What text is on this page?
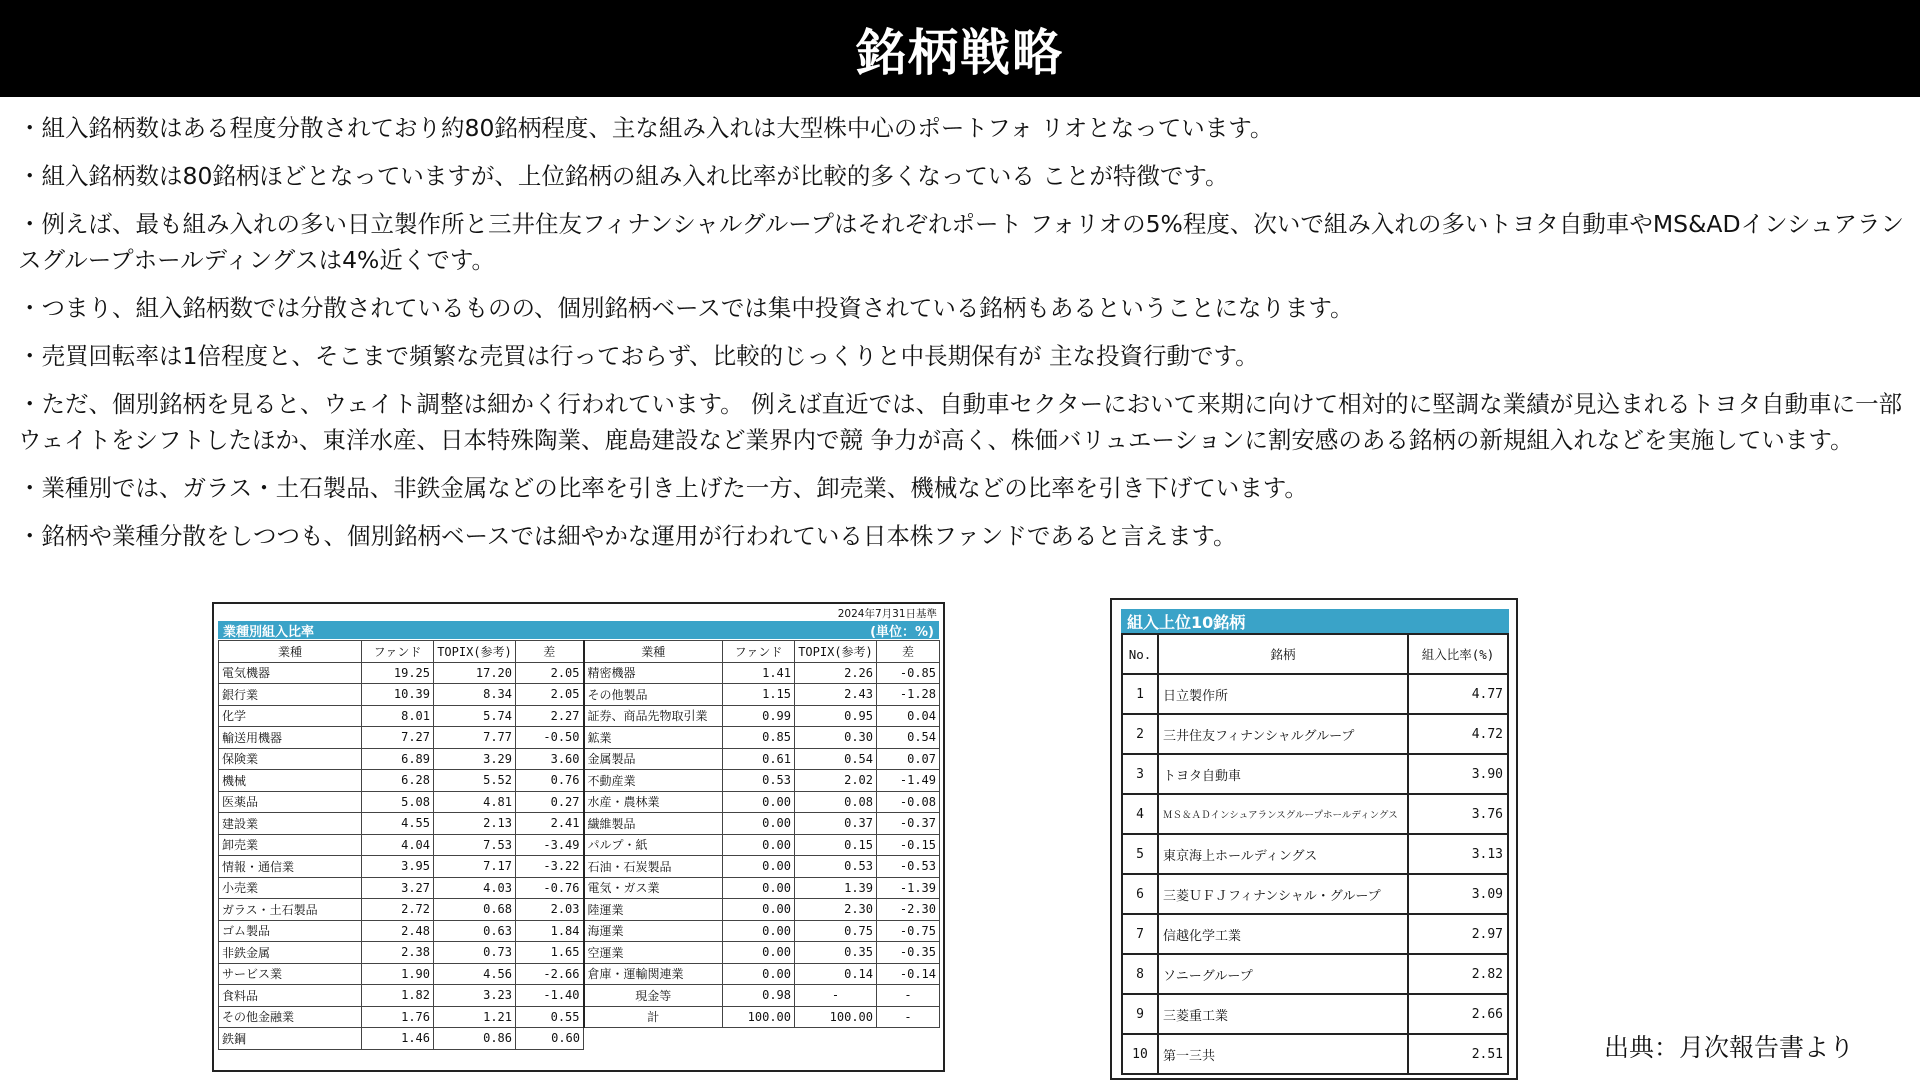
銘柄戦略

・組入銘柄数はある程度分散されており約80銘柄程度、主な組み入れは大型株中心のポートフォ リオとなっています。

・組入銘柄数は80銘柄ほどとなっていますが、上位銘柄の組み入れ比率が比較的多くなっている ことが特徴です。

・例えば、最も組み入れの多い日立製作所と三井住友フィナンシャルグループはそれぞれポート フォリオの5%程度、次いで組み入れの多いトヨタ自動車やMS&ADインシュアランスグループホールディングスは4%近くです。

・つまり、組入銘柄数では分散されているものの、個別銘柄ベースでは集中投資されている銘柄もあるということになります。

・売買回転率は1倍程度と、そこまで頻繁な売買は行っておらず、比較的じっくりと中長期保有が 主な投資行動です。

・ただ、個別銘柄を見ると、ウェイト調整は細かく行われています。 例えば直近では、自動車セクターにおいて来期に向けて相対的に堅調な業績が見込まれるトヨタ自動車に一部ウェイトをシフトしたほか、東洋水産、日本特殊陶業、鹿島建設など業界内で競 争力が高く、株価バリュエーションに割安感のある銘柄の新規組入れなどを実施しています。

・業種別では、ガラス・土石製品、非鉄金属などの比率を引き上げた一方、卸売業、機械などの比率を引き下げています。

・銘柄や業種分散をしつつも、個別銘柄ベースでは細やかな運用が行われている日本株ファンドであると言えます。

2024年7月31日基準
業種別組入比率	(単位：%)
業種	ファンド	TOPIX(参考)	差	業種	ファンド	TOPIX(参考)	差
電気機器	19.25	17.20	2.05	精密機器	1.41	2.26	-0.85
銀行業	10.39	8.34	2.05	その他製品	1.15	2.43	-1.28
化学	8.01	5.74	2.27	証券、商品先物取引業	0.99	0.95	0.04
輸送用機器	7.27	7.77	-0.50	鉱業	0.85	0.30	0.54
保険業	6.89	3.29	3.60	金属製品	0.61	0.54	0.07
機械	6.28	5.52	0.76	不動産業	0.53	2.02	-1.49
医薬品	5.08	4.81	0.27	水産・農林業	0.00	0.08	-0.08
建設業	4.55	2.13	2.41	繊維製品	0.00	0.37	-0.37
卸売業	4.04	7.53	-3.49	パルプ・紙	0.00	0.15	-0.15
情報・通信業	3.95	7.17	-3.22	石油・石炭製品	0.00	0.53	-0.53
小売業	3.27	4.03	-0.76	電気・ガス業	0.00	1.39	-1.39
ガラス・土石製品	2.72	0.68	2.03	陸運業	0.00	2.30	-2.30
ゴム製品	2.48	0.63	1.84	海運業	0.00	0.75	-0.75
非鉄金属	2.38	0.73	1.65	空運業	0.00	0.35	-0.35
サービス業	1.90	4.56	-2.66	倉庫・運輸関連業	0.00	0.14	-0.14
食料品	1.82	3.23	-1.40	現金等	0.98	-	-
その他金融業	1.76	1.21	0.55	計	100.00	100.00	-
鉄鋼	1.46	0.86	0.60				
組入上位10銘柄
No.	銘柄	組入比率(%)
1	日立製作所	4.77
2	三井住友フィナンシャルグループ	4.72
3	トヨタ自動車	3.90
4	ＭＳ＆ＡＤインシュアランスグループホールディングス	3.76
5	東京海上ホールディングス	3.13
6	三菱ＵＦＪフィナンシャル・グループ	3.09
7	信越化学工業	2.97
8	ソニーグループ	2.82
9	三菱重工業	2.66
10	第一三共	2.51	出典：月次報告書より
